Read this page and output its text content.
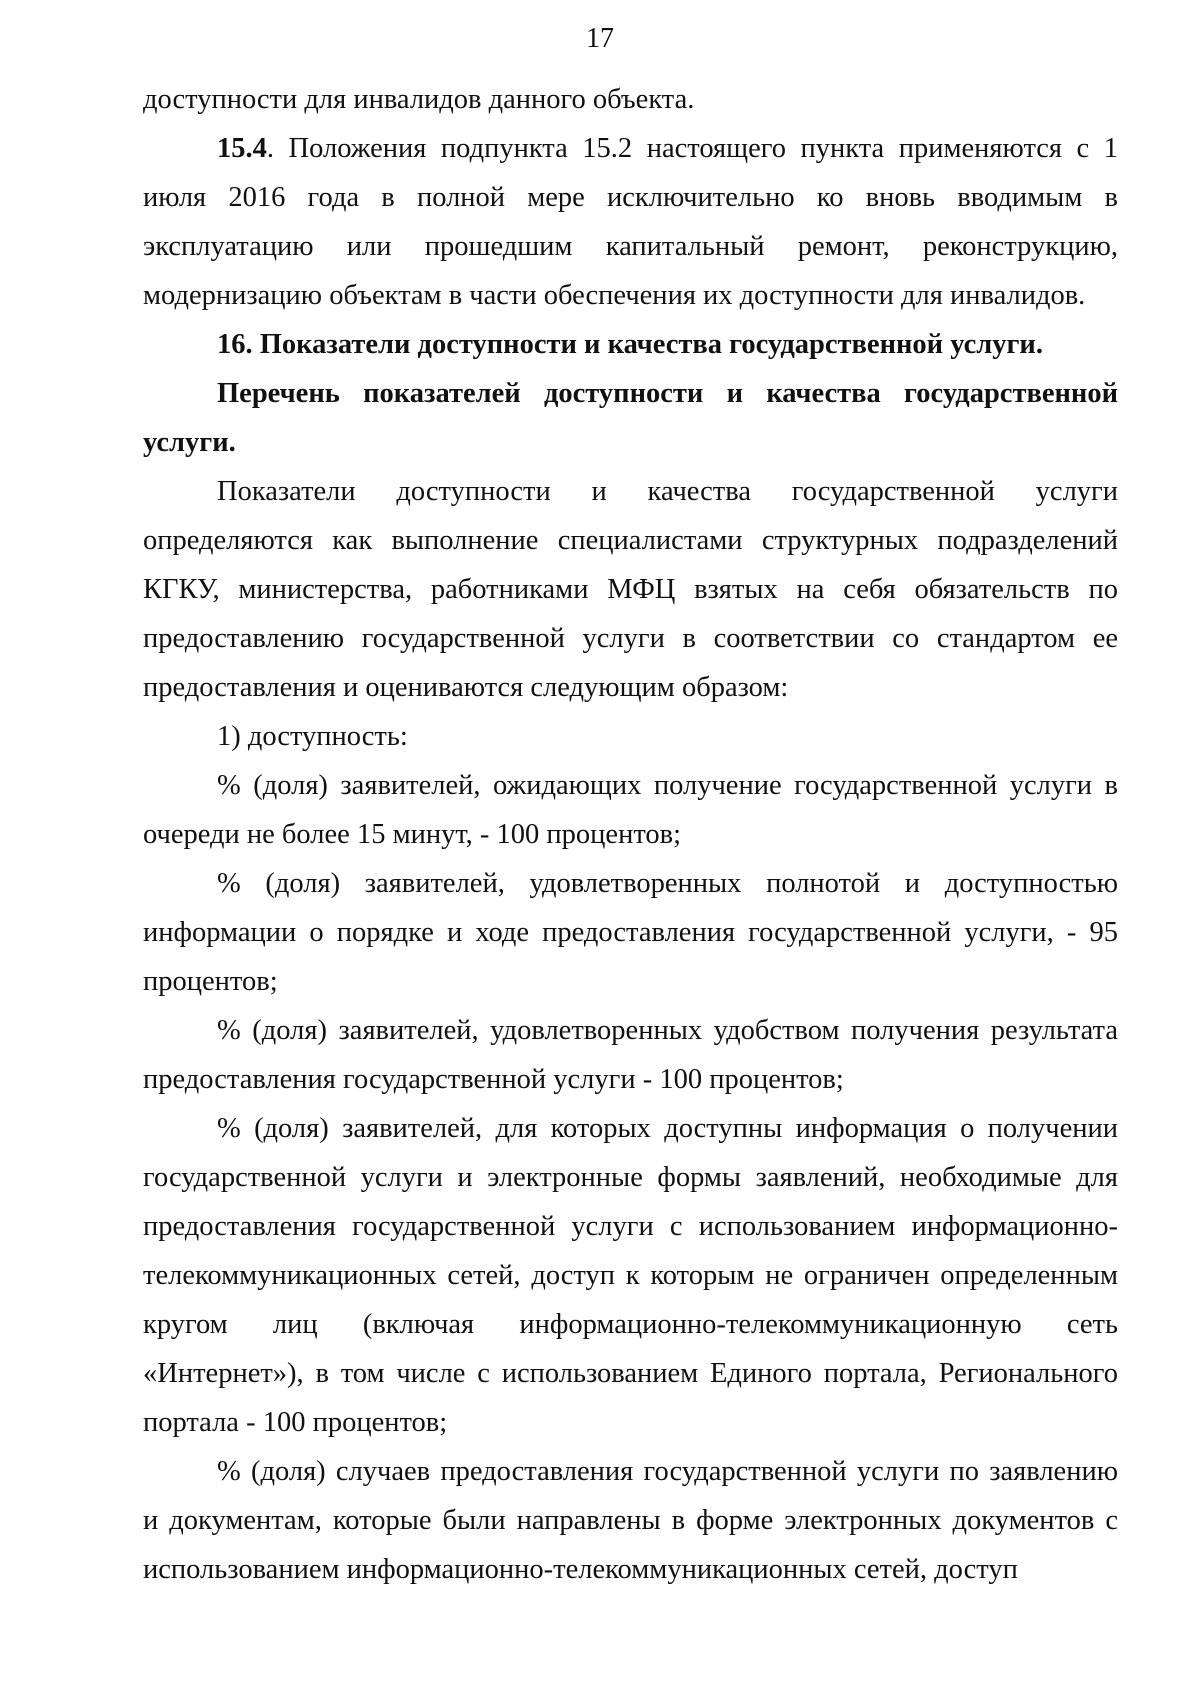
17

доступности для инвалидов данного объекта.

15.4. Положения подпункта 15.2 настоящего пункта применяются с 1 июля 2016 года в полной мере исключительно ко вновь вводимым в эксплуатацию или прошедшим капитальный ремонт, реконструкцию, модернизацию объектам в части обеспечения их доступности для инвалидов.

16. Показатели доступности и качества государственной услуги.

Перечень показателей доступности и качества государственной услуги.

Показатели доступности и качества государственной услуги определяются как выполнение специалистами структурных подразделений КГКУ, министерства, работниками МФЦ взятых на себя обязательств по предоставлению государственной услуги в соответствии со стандартом ее предоставления и оцениваются следующим образом:

1) доступность:

% (доля) заявителей, ожидающих получение государственной услуги в очереди не более 15 минут, - 100 процентов;

% (доля) заявителей, удовлетворенных полнотой и доступностью информации о порядке и ходе предоставления государственной услуги, - 95 процентов;

% (доля) заявителей, удовлетворенных удобством получения результата предоставления государственной услуги - 100 процентов;

% (доля) заявителей, для которых доступны информация о получении государственной услуги и электронные формы заявлений, необходимые для предоставления государственной услуги с использованием информационно-телекоммуникационных сетей, доступ к которым не ограничен определенным кругом лиц (включая информационно-телекоммуникационную сеть «Интернет»), в том числе с использованием Единого портала, Регионального портала - 100 процентов;

% (доля) случаев предоставления государственной услуги по заявлению и документам, которые были направлены в форме электронных документов с использованием информационно-телекоммуникационных сетей, доступ
